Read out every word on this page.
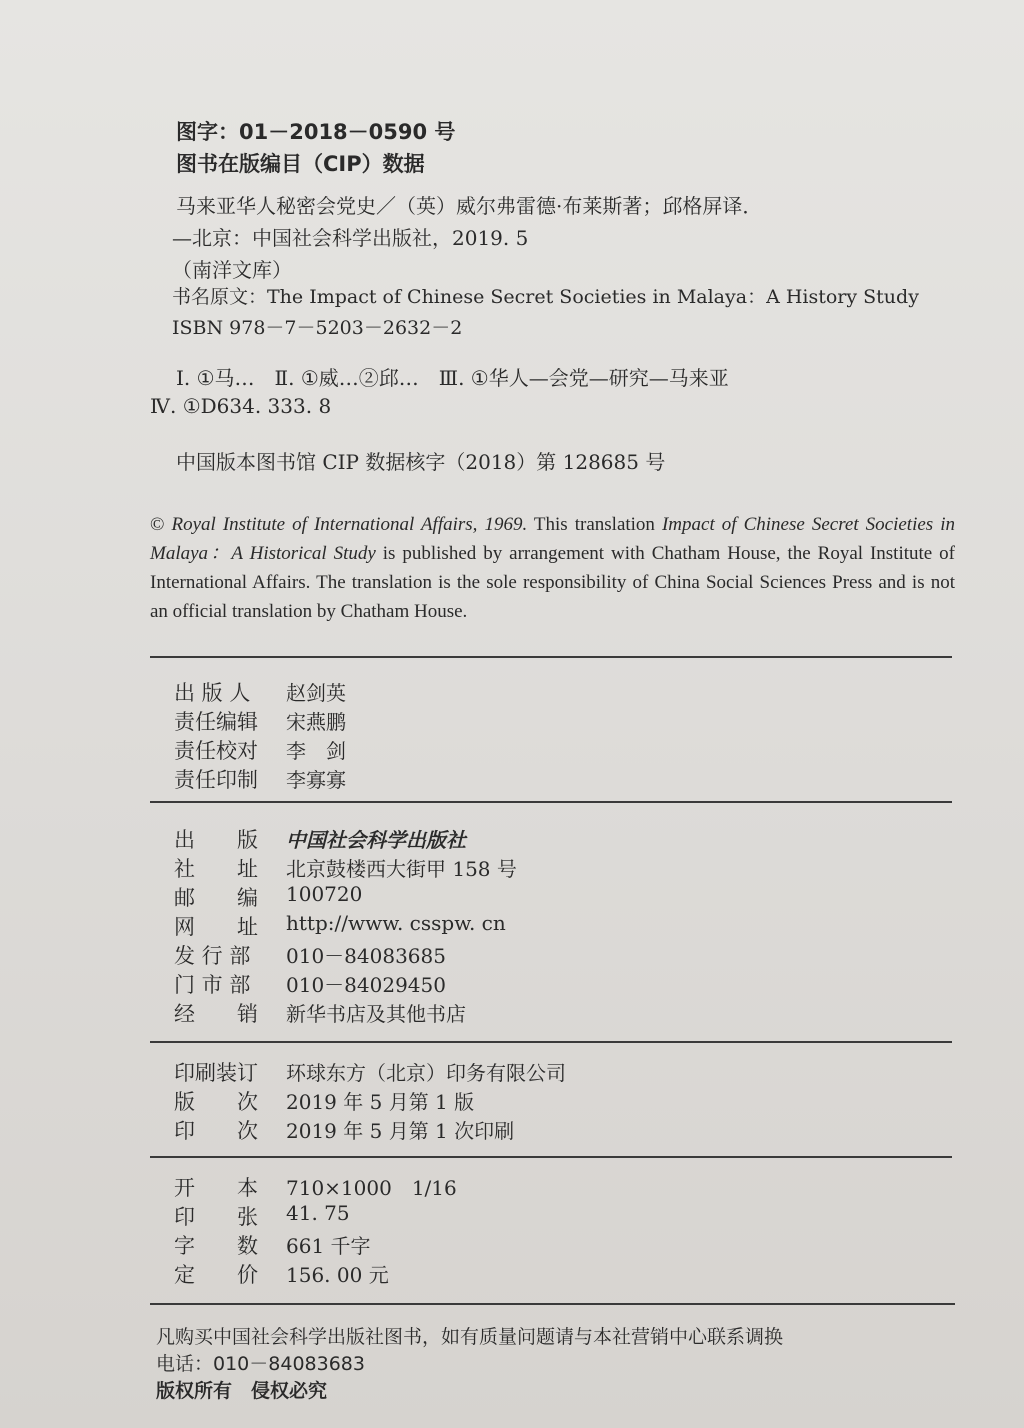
图字：01－2018－0590 号
图书在版编目（CIP）数据
马来亚华人秘密会党史／（英）威尔弗雷德·布莱斯著；邱格屏译．
—北京：中国社会科学出版社，2019. 5
（南洋文库）
书名原文：The Impact of Chinese Secret Societies in Malaya：A History Study
ISBN 978－7－5203－2632－2
Ⅰ. ①马…　Ⅱ. ①威…②邱…　Ⅲ. ①华人—会党—研究—马来亚
Ⅳ. ①D634. 333. 8
中国版本图书馆 CIP 数据核字（2018）第 128685 号
© Royal Institute of International Affairs, 1969. This translation Impact of Chinese Secret Societies in Malaya：A Historical Study is published by arrangement with Chatham House, the Royal Institute of International Affairs. The translation is the sole responsibility of China Social Sciences Press and is not an official translation by Chatham House.
出 版 人 赵剑英
责任编辑 宋燕鹏
责任校对 李　剑
责任印制 李寡寡
出　　版 中国社会科学出版社
社　　址 北京鼓楼西大街甲 158 号
邮　　编 100720
网　　址 http://www. csspw. cn
发 行 部 010－84083685
门 市 部 010－84029450
经　　销 新华书店及其他书店
印刷装订 环球东方（北京）印务有限公司
版　　次 2019 年 5 月第 1 版
印　　次 2019 年 5 月第 1 次印刷
开　　本 710×1000　1/16
印　　张 41. 75
字　　数 661 千字
定　　价 156. 00 元
凡购买中国社会科学出版社图书，如有质量问题请与本社营销中心联系调换
电话：010－84083683
版权所有　侵权必究
